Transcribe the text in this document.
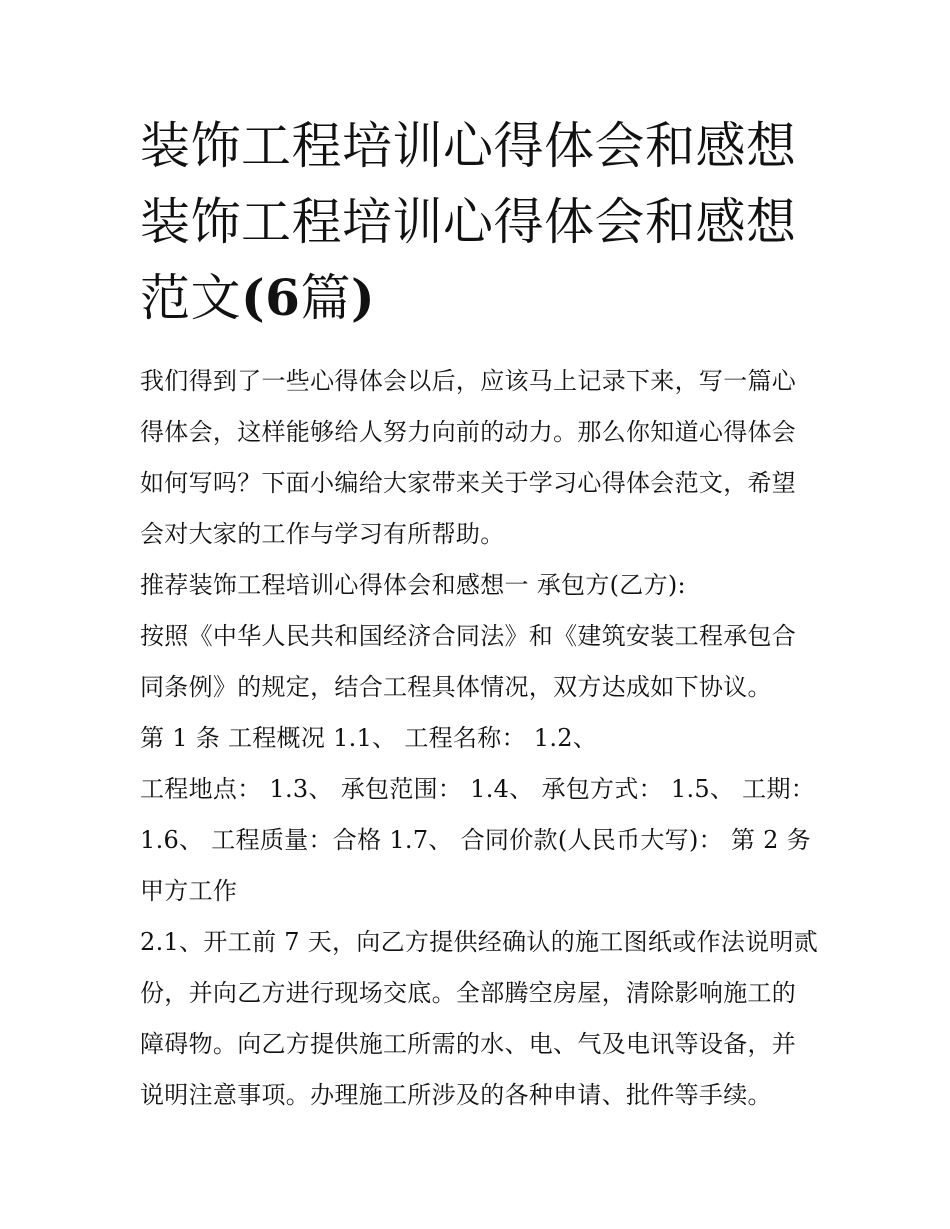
装饰工程培训心得体会和感想
装饰工程培训心得体会和感想
范文(6篇)
我们得到了一些心得体会以后，应该马上记录下来，写一篇心
得体会，这样能够给人努力向前的动力。那么你知道心得体会
如何写吗？下面小编给大家带来关于学习心得体会范文，希望
会对大家的工作与学习有所帮助。
推荐装饰工程培训心得体会和感想一 承包方(乙方):
按照《中华人民共和国经济合同法》和《建筑安装工程承包合
同条例》的规定，结合工程具体情况，双方达成如下协议。
第 1 条 工程概况 1.1、 工程名称： 1.2、
工程地点： 1.3、 承包范围： 1.4、 承包方式： 1.5、 工期：
1.6、 工程质量：合格 1.7、 合同价款(人民币大写)： 第 2 务
甲方工作
2.1、开工前 7 天，向乙方提供经确认的施工图纸或作法说明贰
份，并向乙方进行现场交底。全部腾空房屋，清除影响施工的
障碍物。向乙方提供施工所需的水、电、气及电讯等设备，并
说明注意事项。办理施工所涉及的各种申请、批件等手续。
